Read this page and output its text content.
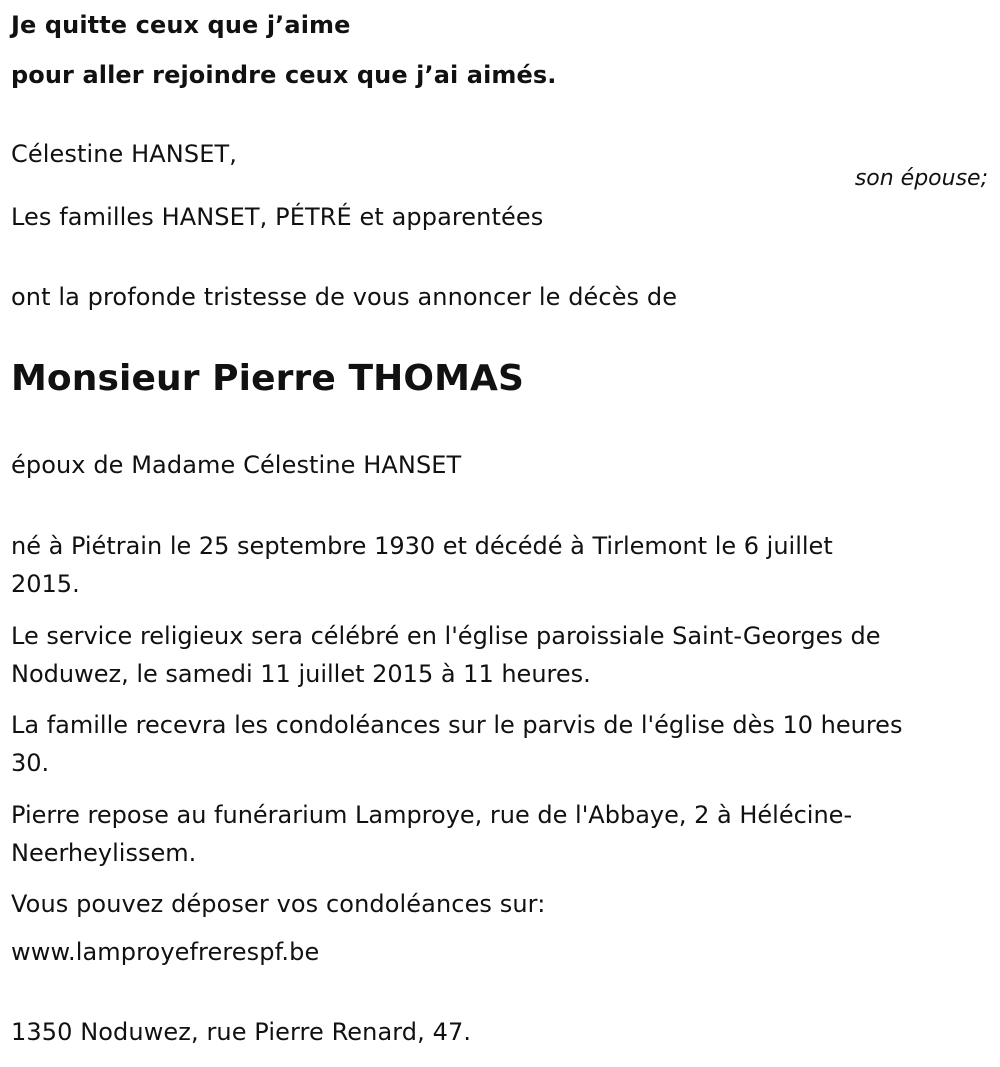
Je quitte ceux que j’aime
pour aller rejoindre ceux que j’ai aimés.
Célestine HANSET,
son épouse;
Les familles HANSET, PÉTRÉ et apparentées
ont la profonde tristesse de vous annoncer le décès de
Monsieur Pierre THOMAS
époux de Madame Célestine HANSET
né à Piétrain le 25 septembre 1930 et décédé à Tirlemont le 6 juillet
2015.
Le service religieux sera célébré en l'église paroissiale Saint-Georges de
Noduwez, le samedi 11 juillet 2015 à 11 heures.
La famille recevra les condoléances sur le parvis de l'église dès 10 heures
30.
Pierre repose au funérarium Lamproye, rue de l'Abbaye, 2 à Hélécine-
Neerheylissem.
Vous pouvez déposer vos condoléances sur:
www.lamproyefrerespf.be
1350 Noduwez, rue Pierre Renard, 47.
